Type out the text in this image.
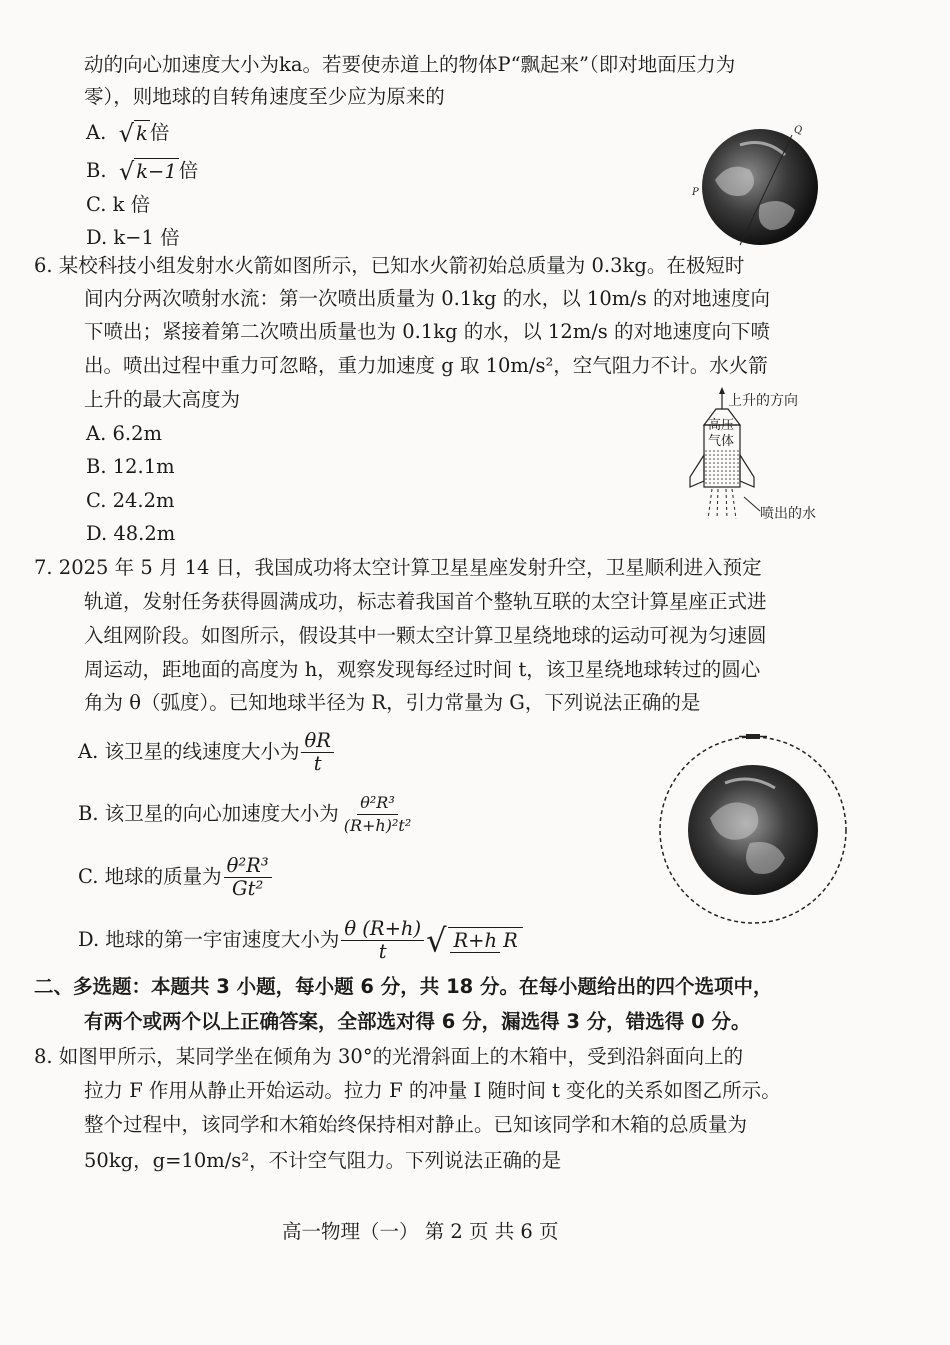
动的向心加速度大小为ka。若要使赤道上的物体P“飘起来”（即对地面压力为
零），则地球的自转角速度至少应为原来的
A. √ k 倍
B. √ k−1 倍
C. k 倍
D. k−1 倍
Q
P
6. 某校科技小组发射水火箭如图所示，已知水火箭初始总质量为 0.3kg。在极短时
间内分两次喷射水流：第一次喷出质量为 0.1kg 的水，以 10m/s 的对地速度向
下喷出；紧接着第二次喷出质量也为 0.1kg 的水，以 12m/s 的对地速度向下喷
出。喷出过程中重力可忽略，重力加速度 g 取 10m/s²，空气阻力不计。水火箭
上升的最大高度为
A. 6.2m
B. 12.1m
C. 24.2m
D. 48.2m
上升的方向
高压
气体
喷出的水
7. 2025 年 5 月 14 日，我国成功将太空计算卫星星座发射升空，卫星顺利进入预定
轨道，发射任务获得圆满成功，标志着我国首个整轨互联的太空计算星座正式进
入组网阶段。如图所示，假设其中一颗太空计算卫星绕地球的运动可视为匀速圆
周运动，距地面的高度为 h，观察发现每经过时间 t，该卫星绕地球转过的圆心
角为 θ（弧度）。已知地球半径为 R，引力常量为 G，下列说法正确的是
A. 该卫星的线速度大小为 $\frac{\theta R}{t}$
B. 该卫星的向心加速度大小为 $\frac{\text{θ²R³}}{\text{(R+h)²t²}}$
C. 地球的质量为 $\frac{\text{θ²R³}}{\text{Gt²}}$
D. 地球的第一宇宙速度大小为 $\frac{\theta (R+h)}{t}$ √ R+h R
二、多选题：本题共 3 小题，每小题 6 分，共 18 分。在每小题给出的四个选项中，
有两个或两个以上正确答案，全部选对得 6 分，漏选得 3 分，错选得 0 分。
8. 如图甲所示，某同学坐在倾角为 30°的光滑斜面上的木箱中，受到沿斜面向上的
拉力 F 作用从静止开始运动。拉力 F 的冲量 I 随时间 t 变化的关系如图乙所示。
整个过程中，该同学和木箱始终保持相对静止。已知该同学和木箱的总质量为
50kg，g=10m/s²，不计空气阻力。下列说法正确的是
高一物理（一） 第 2 页 共 6 页
